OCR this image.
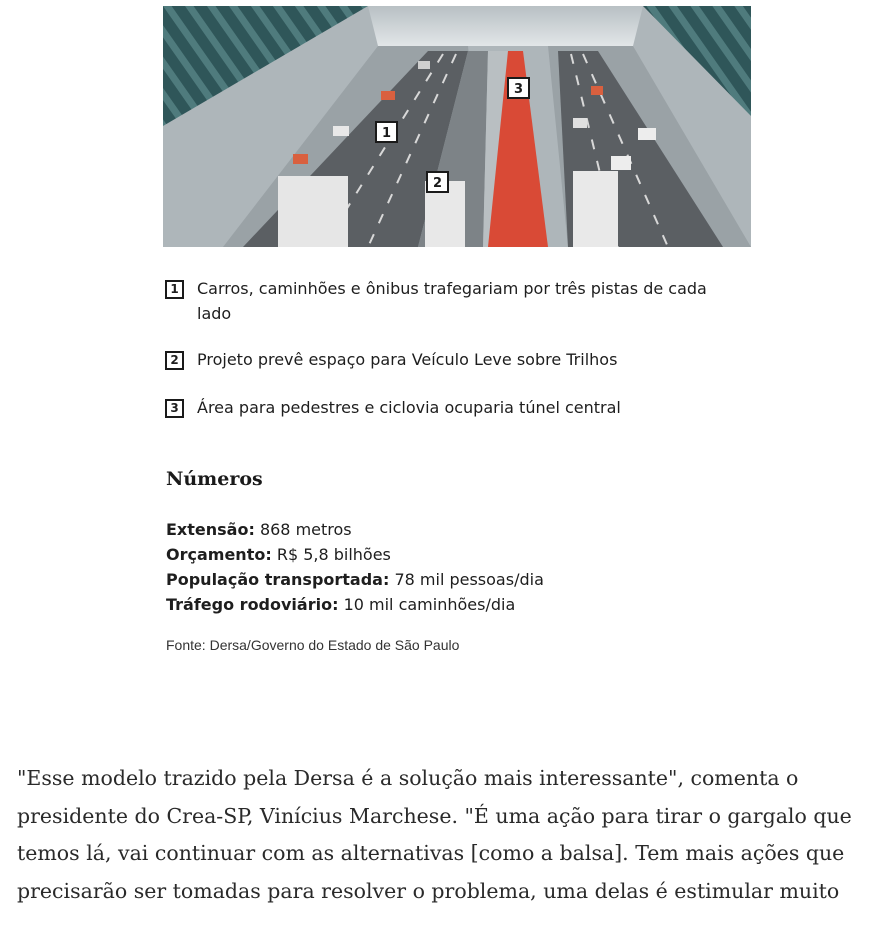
1
2
3
1	Carros, caminhões e ônibus trafegariam por três pistas de cada lado
2	Projeto prevê espaço para Veículo Leve sobre Trilhos
3	Área para pedestres e ciclovia ocuparia túnel central
Números
Extensão: 868 metros
Orçamento: R$ 5,8 bilhões
População transportada: 78 mil pessoas/dia
Tráfego rodoviário: 10 mil caminhões/dia
Fonte: Dersa/Governo do Estado de São Paulo

"Esse modelo trazido pela Dersa é a solução mais interessante", comenta o presidente do Crea-SP, Vinícius Marchese. "É uma ação para tirar o gargalo que temos lá, vai continuar com as alternativas [como a balsa]. Tem mais ações que precisarão ser tomadas para resolver o problema, uma delas é estimular muito
